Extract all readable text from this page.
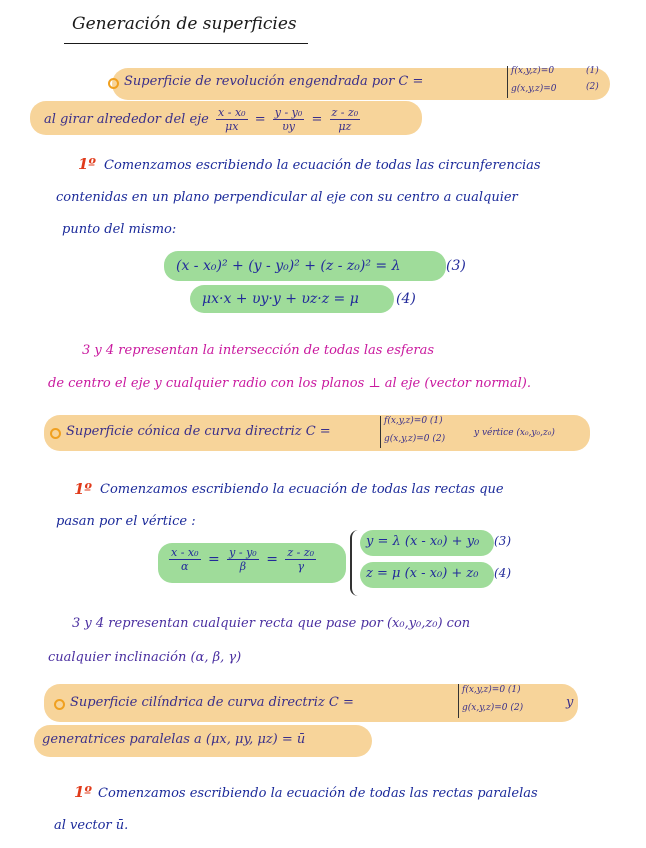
Generación de superficies
Superficie de revolución engendrada por C =
f(x,y,z)=0
g(x,y,z)=0
(1)
(2)
al girar alrededor del eje $\frac{\text{x - x₀}}{\mu x} = \frac{\text{y - y₀}}{\upsilon y} = \frac{\text{z - z₀}}{\mu z}$
1º Comenzamos escribiendo la ecuación de todas las circunferencias
contenidas en un plano perpendicular al eje con su centro a cualquier
punto del mismo:
(x - x₀)² + (y - y₀)² + (z - z₀)² = λ	(3)
μx·x + υy·y + υz·z = μ	(4)
3 y 4 representan la intersección de todas las esferas
de centro el eje y cualquier radio con los planos ⊥ al eje (vector normal).
Superficie cónica de curva directriz C =
f(x,y,z)=0 (1)
g(x,y,z)=0 (2)
y vértice (x₀,y₀,z₀)
1º Comenzamos escribiendo la ecuación de todas las rectas que
pasan por el vértice :
$\frac{\text{x - x₀}}{\alpha} = \frac{\text{y - y₀}}{\beta} = \frac{\text{z - z₀}}{\gamma}$
y = λ (x - x₀) + y₀ (3)
z = μ (x - x₀) + z₀ (4)
3 y 4 representan cualquier recta que pase por (x₀,y₀,z₀) con
cualquier inclinación (α, β, γ)
Superficie cilíndrica de curva directriz C =
f(x,y,z)=0 (1)
g(x,y,z)=0 (2)	y
generatrices paralelas a (μx, μy, μz) = ū
1º Comenzamos escribiendo la ecuación de todas las rectas paralelas
al vector ū.
